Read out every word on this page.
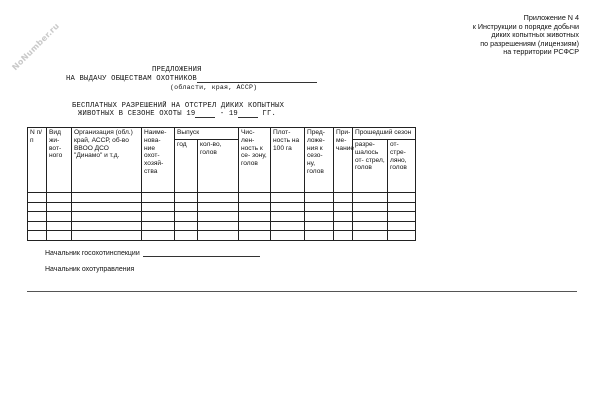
NoNumber.ru
Приложение N 4
к Инструкции о порядке добычи
диких копытных животных
по разрешениям (лицензиям)
на территории РСФСР
ПРЕДЛОЖЕНИЯ
НА ВЫДАЧУ ОБЩЕСТВАМ ОХОТНИКОВ
(области, края, АССР)
БЕСПЛАТНЫХ РАЗРЕШЕНИЙ НА ОТСТРЕЛ ДИКИХ КОПЫТНЫХ
ЖИВОТНЫХ В СЕЗОНЕ ОХОТЫ 19	- 19	ГГ.
N п/п	Вид жи- вот- ного	Организация (обл.) край, АССР, об-во ВВОО ДСО "Динамо" и т.д.	Наиме- нова- ние охот- хозяй- ства	Выпуск		Чис- лен- ность к се- зону, голов	Плот- ность на 100 га	Пред- ложе- ния к сезо- ну, голов	При- ме- чание	Прошедший сезон	
				год	кол-во, голов					разре- шалось от- стрел, голов	от- стре- ляно, голов

Начальник госохотинспекции
Начальник охотуправления
